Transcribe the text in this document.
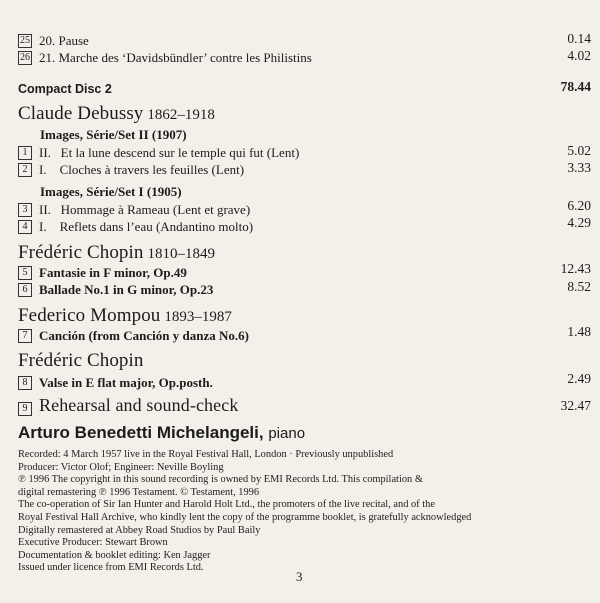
25 20. Pause	0.14
26 21. Marche des ‘Davidsbündler’ contre les Philistins	4.02
Compact Disc 2	78.44
Claude Debussy 1862–1918
Images, Série/Set II (1907)
1 II.   Et la lune descend sur le temple qui fut (Lent)	5.02
2 I.    Cloches à travers les feuilles (Lent)	3.33
Images, Série/Set I (1905)
3 II.   Hommage à Rameau (Lent et grave)	6.20
4 I.    Reflets dans l’eau (Andantino molto)	4.29
Frédéric Chopin 1810–1849
5 Fantasie in F minor, Op.49	12.43
6 Ballade No.1 in G minor, Op.23	8.52
Federico Mompou 1893–1987
7 Canción (from Canción y danza No.6)	1.48
Frédéric Chopin
8 Valse in E flat major, Op.posth.	2.49
9 Rehearsal and sound-check	32.47
Arturo Benedetti Michelangeli, piano
Recorded: 4 March 1957 live in the Royal Festival Hall, London · Previously unpublished
Producer: Victor Olof; Engineer: Neville Boyling
℗ 1996 The copyright in this sound recording is owned by EMI Records Ltd. This compilation &
digital remastering ℗ 1996 Testament. © Testament, 1996
The co-operation of Sir Ian Hunter and Harold Holt Ltd., the promoters of the live recital, and of the
Royal Festival Hall Archive, who kindly lent the copy of the programme booklet, is gratefully acknowledged
Digitally remastered at Abbey Road Studios by Paul Baily
Executive Producer: Stewart Brown
Documentation & booklet editing: Ken Jagger
Issued under licence from EMI Records Ltd.
3
